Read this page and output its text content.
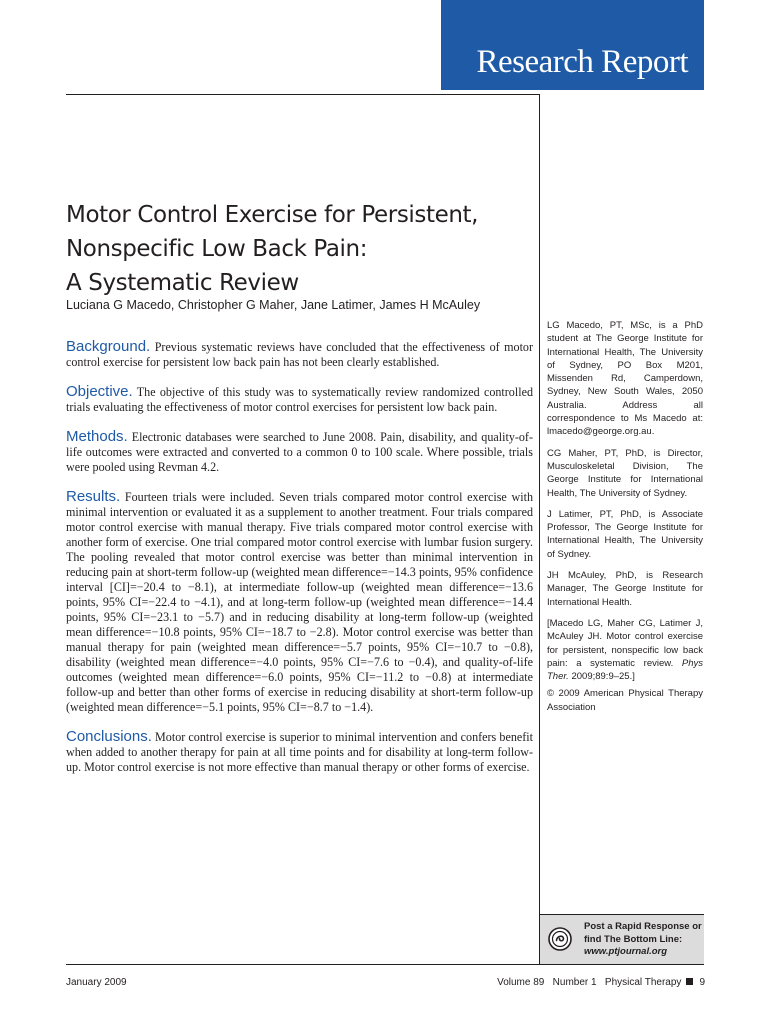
Research Report
Motor Control Exercise for Persistent,
Nonspecific Low Back Pain:
A Systematic Review
Luciana G Macedo, Christopher G Maher, Jane Latimer, James H McAuley

Background. Previous systematic reviews have concluded that the effectiveness of motor control exercise for persistent low back pain has not been clearly established.

Objective. The objective of this study was to systematically review randomized controlled trials evaluating the effectiveness of motor control exercises for persistent low back pain.

Methods. Electronic databases were searched to June 2008. Pain, disability, and quality-of-life outcomes were extracted and converted to a common 0 to 100 scale. Where possible, trials were pooled using Revman 4.2.

Results. Fourteen trials were included. Seven trials compared motor control exercise with minimal intervention or evaluated it as a supplement to another treatment. Four trials compared motor control exercise with manual therapy. Five trials compared motor control exercise with another form of exercise. One trial compared motor control exercise with lumbar fusion surgery. The pooling revealed that motor control exercise was better than minimal intervention in reducing pain at short-term follow-up (weighted mean difference=−14.3 points, 95% confidence interval [CI]=−20.4 to −8.1), at intermediate follow-up (weighted mean difference=−13.6 points, 95% CI=−22.4 to −4.1), and at long-term follow-up (weighted mean difference=−14.4 points, 95% CI=−23.1 to −5.7) and in reducing disability at long-term follow-up (weighted mean difference=−10.8 points, 95% CI=−18.7 to −2.8). Motor control exercise was better than manual therapy for pain (weighted mean difference=−5.7 points, 95% CI=−10.7 to −0.8), disability (weighted mean difference=−4.0 points, 95% CI=−7.6 to −0.4), and quality-of-life outcomes (weighted mean difference=−6.0 points, 95% CI=−11.2 to −0.8) at intermediate follow-up and better than other forms of exercise in reducing disability at short-term follow-up (weighted mean difference=−5.1 points, 95% CI=−8.7 to −1.4).

Conclusions. Motor control exercise is superior to minimal intervention and confers benefit when added to another therapy for pain at all time points and for disability at long-term follow-up. Motor control exercise is not more effective than manual therapy or other forms of exercise.

LG Macedo, PT, MSc, is a PhD student at The George Institute for International Health, The University of Sydney, PO Box M201, Missenden Rd, Camperdown, Sydney, New South Wales, 2050 Australia. Address all correspondence to Ms Macedo at: lmacedo@george.org.au.

CG Maher, PT, PhD, is Director, Musculoskeletal Division, The George Institute for International Health, The University of Sydney.

J Latimer, PT, PhD, is Associate Professor, The George Institute for International Health, The University of Sydney.

JH McAuley, PhD, is Research Manager, The George Institute for International Health.

[Macedo LG, Maher CG, Latimer J, McAuley JH. Motor control exercise for persistent, nonspecific low back pain: a systematic review. Phys Ther. 2009;89:9–25.]

© 2009 American Physical Therapy Association

Post a Rapid Response or
find The Bottom Line:
www.ptjournal.org
January 2009	Volume 89   Number 1   Physical Therapy 9
